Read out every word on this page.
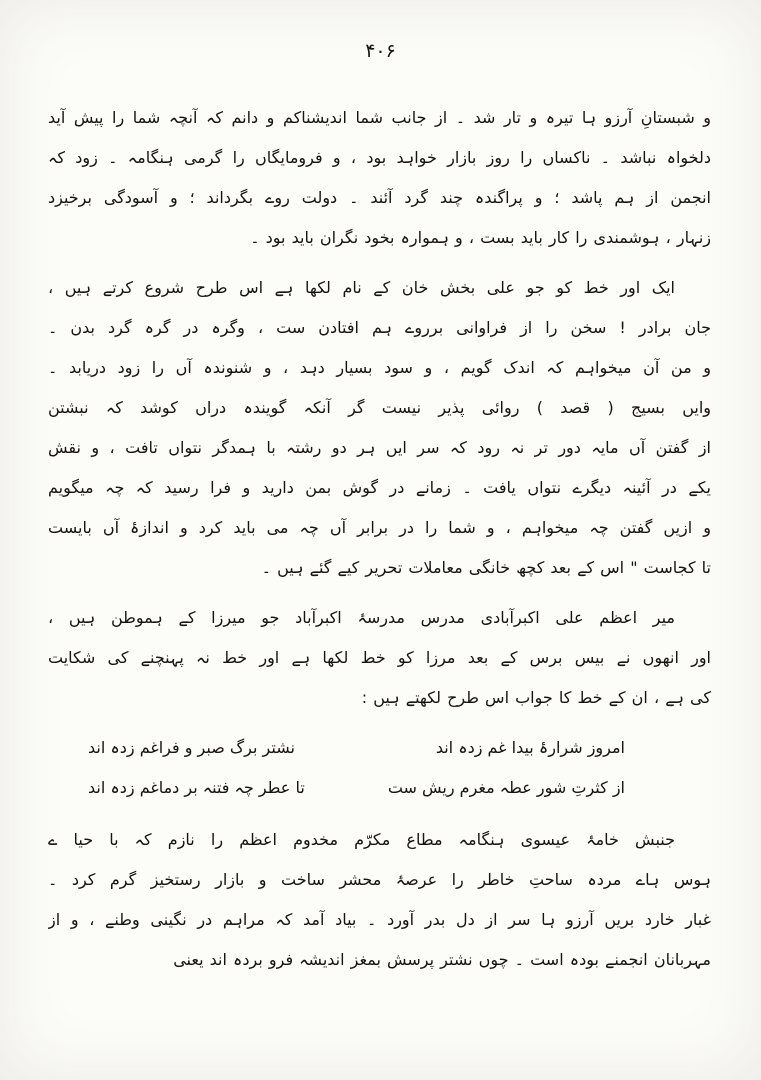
۴۰۶
و شبستانِ آرزو ہا تیرہ و تار شد ۔ از جانب شما اندیشناکم و دانم کہ آنچہ شما را پیش آید
دلخواہ نباشد ۔ ناکساں را روز بازار خواہد بود ، و فرومایگاں را گرمی ہنگامہ ۔ زود کہ
انجمن از ہم پاشد ؛ و پراگندہ چند گرد آئند ۔ دولت روے بگرداند ؛ و آسودگی برخیزد
زنہار ، ہوشمندی را کار باید بست ، و ہموارہ بخود نگران باید بود ۔
ایک اور خط کو جو علی بخش خان کے نام لکھا ہے اس طرح شروع کرتے ہیں ،
جان برادر ! سخن را از فراوانی برروے ہم افتادن ست ، وگرہ در گرہ گرد بدن ۔
و من آن میخواہم کہ اندک گویم ، و سود بسیار دہد ، و شنوندہ آں را زود دریابد ۔
وایں بسیج ( قصد ) روائی پذیر نیست گر آنکہ گویندہ دراں کوشد کہ نبشتن
از گفتن آں مایہ دور تر نہ رود کہ سر ایں ہر دو رشتہ با ہمدگر نتواں تافت ، و نقش
یکے در آئینہ دیگرے نتواں یافت ۔ زمانے در گوش بمن دارید و فرا رسید کہ چہ میگویم
و ازیں گفتن چہ میخواہم ، و شما را در برابر آں چہ می باید کرد و اندازۂ آں بایست
تا کجاست " اس کے بعد کچھ خانگی معاملات تحریر کیے گئے ہیں ۔
میر اعظم علی اکبرآبادی مدرس مدرسۂ اکبرآباد جو میرزا کے ہموطن ہیں ،
اور انھوں نے بیس برس کے بعد مرزا کو خط لکھا ہے اور خط نہ پہنچنے کی شکایت
کی ہے ، ان کے خط کا جواب اس طرح لکھتے ہیں :
امروز شرارۂ بیدا غم زدہ اند
نشتر برگ صبر و فراغم زدہ اند
از کثرتِ شور عطہ مغرم ریش ست
تا عطر چہ فتنہ بر دماغم زدہ اند
جنبش خامۂ عیسوی ہنگامہ مطاع مکرّم مخدوم اعظم را نازم کہ با حیا ے
ہوس ہاے مردہ ساحتِ خاطر را عرصۂ محشر ساخت و بازار رستخیز گرم کرد ۔
غبار خارد بریں آرزو ہا سر از دل بدر آورد ۔ بیاد آمد کہ مراہم در نگینی وطنے ، و از
مہربانان انجمنے بودہ است ۔ چوں نشتر پرسش بمغز اندیشہ فرو بردہ اند یعنی
